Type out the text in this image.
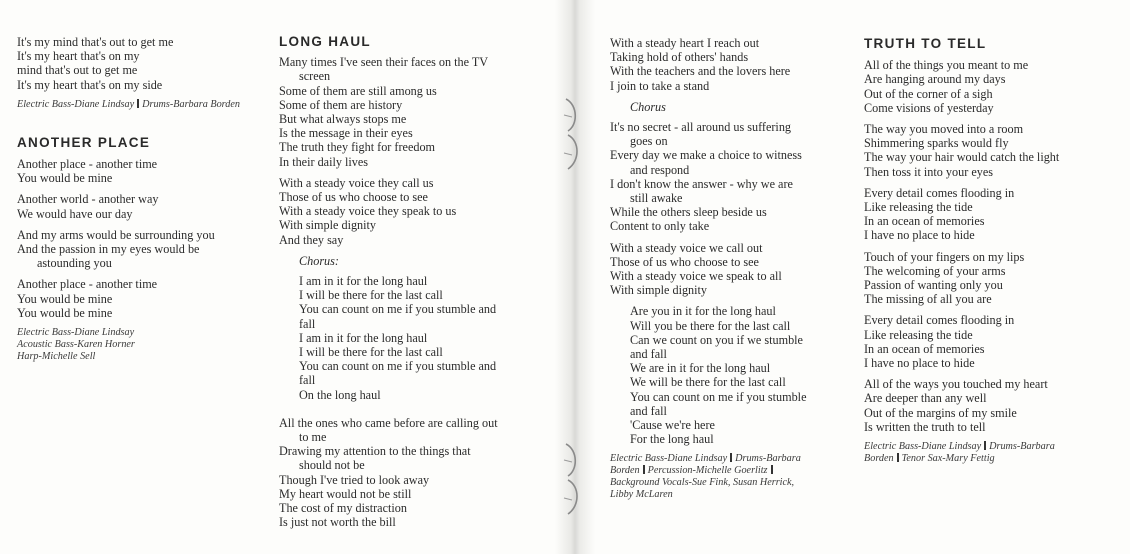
It's my mind that's out to get me
It's my heart that's on my
mind that's out to get me
It's my heart that's on my side
Electric Bass-Diane Lindsay Drums-Barbara Borden
ANOTHER PLACE
Another place - another time
You would be mine
Another world - another way
We would have our day
And my arms would be surrounding you
And the passion in my eyes would be
astounding you
Another place - another time
You would be mine
You would be mine
Electric Bass-Diane Lindsay
Acoustic Bass-Karen Horner
Harp-Michelle Sell
LONG HAUL
Many times I've seen their faces on the TV
screen
Some of them are still among us
Some of them are history
But what always stops me
Is the message in their eyes
The truth they fight for freedom
In their daily lives
With a steady voice they call us
Those of us who choose to see
With a steady voice they speak to us
With simple dignity
And they say
Chorus:
I am in it for the long haul
I will be there for the last call
You can count on me if you stumble and
fall
I am in it for the long haul
I will be there for the last call
You can count on me if you stumble and
fall
On the long haul
All the ones who came before are calling out
to me
Drawing my attention to the things that
should not be
Though I've tried to look away
My heart would not be still
The cost of my distraction
Is just not worth the bill
With a steady heart I reach out
Taking hold of others' hands
With the teachers and the lovers here
I join to take a stand
Chorus
It's no secret - all around us suffering
goes on
Every day we make a choice to witness
and respond
I don't know the answer - why we are
still awake
While the others sleep beside us
Content to only take
With a steady voice we call out
Those of us who choose to see
With a steady voice we speak to all
With simple dignity
Are you in it for the long haul
Will you be there for the last call
Can we count on you if we stumble
and fall
We are in it for the long haul
We will be there for the last call
You can count on me if you stumble
and fall
'Cause we're here
For the long haul
Electric Bass-Diane Lindsay Drums-Barbara
Borden Percussion-Michelle Goerlitz
Background Vocals-Sue Fink, Susan Herrick,
Libby McLaren
TRUTH TO TELL
All of the things you meant to me
Are hanging around my days
Out of the corner of a sigh
Come visions of yesterday
The way you moved into a room
Shimmering sparks would fly
The way your hair would catch the light
Then toss it into your eyes
Every detail comes flooding in
Like releasing the tide
In an ocean of memories
I have no place to hide
Touch of your fingers on my lips
The welcoming of your arms
Passion of wanting only you
The missing of all you are
Every detail comes flooding in
Like releasing the tide
In an ocean of memories
I have no place to hide
All of the ways you touched my heart
Are deeper than any well
Out of the margins of my smile
Is written the truth to tell
Electric Bass-Diane Lindsay Drums-Barbara
Borden Tenor Sax-Mary Fettig
